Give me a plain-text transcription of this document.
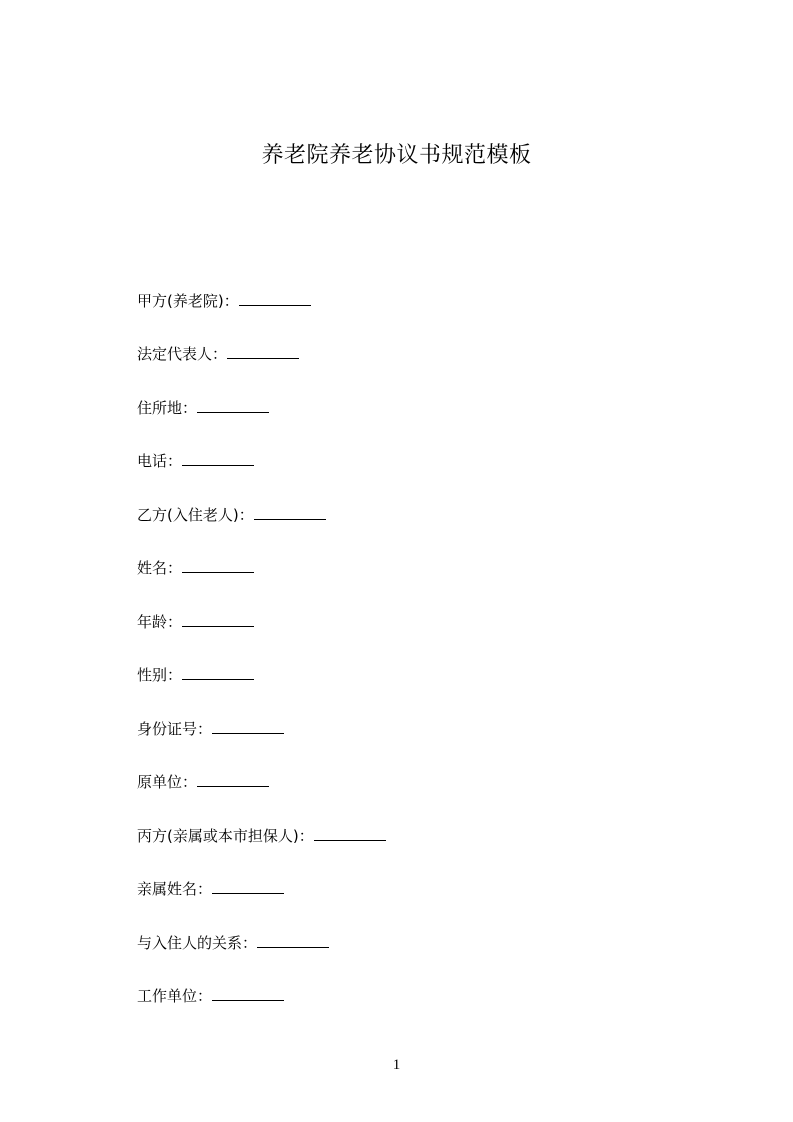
养老院养老协议书规范模板
甲方(养老院)：
法定代表人：
住所地：
电话：
乙方(入住老人)：
姓名：
年龄：
性别：
身份证号：
原单位：
丙方(亲属或本市担保人)：
亲属姓名：
与入住人的关系：
工作单位：
1
